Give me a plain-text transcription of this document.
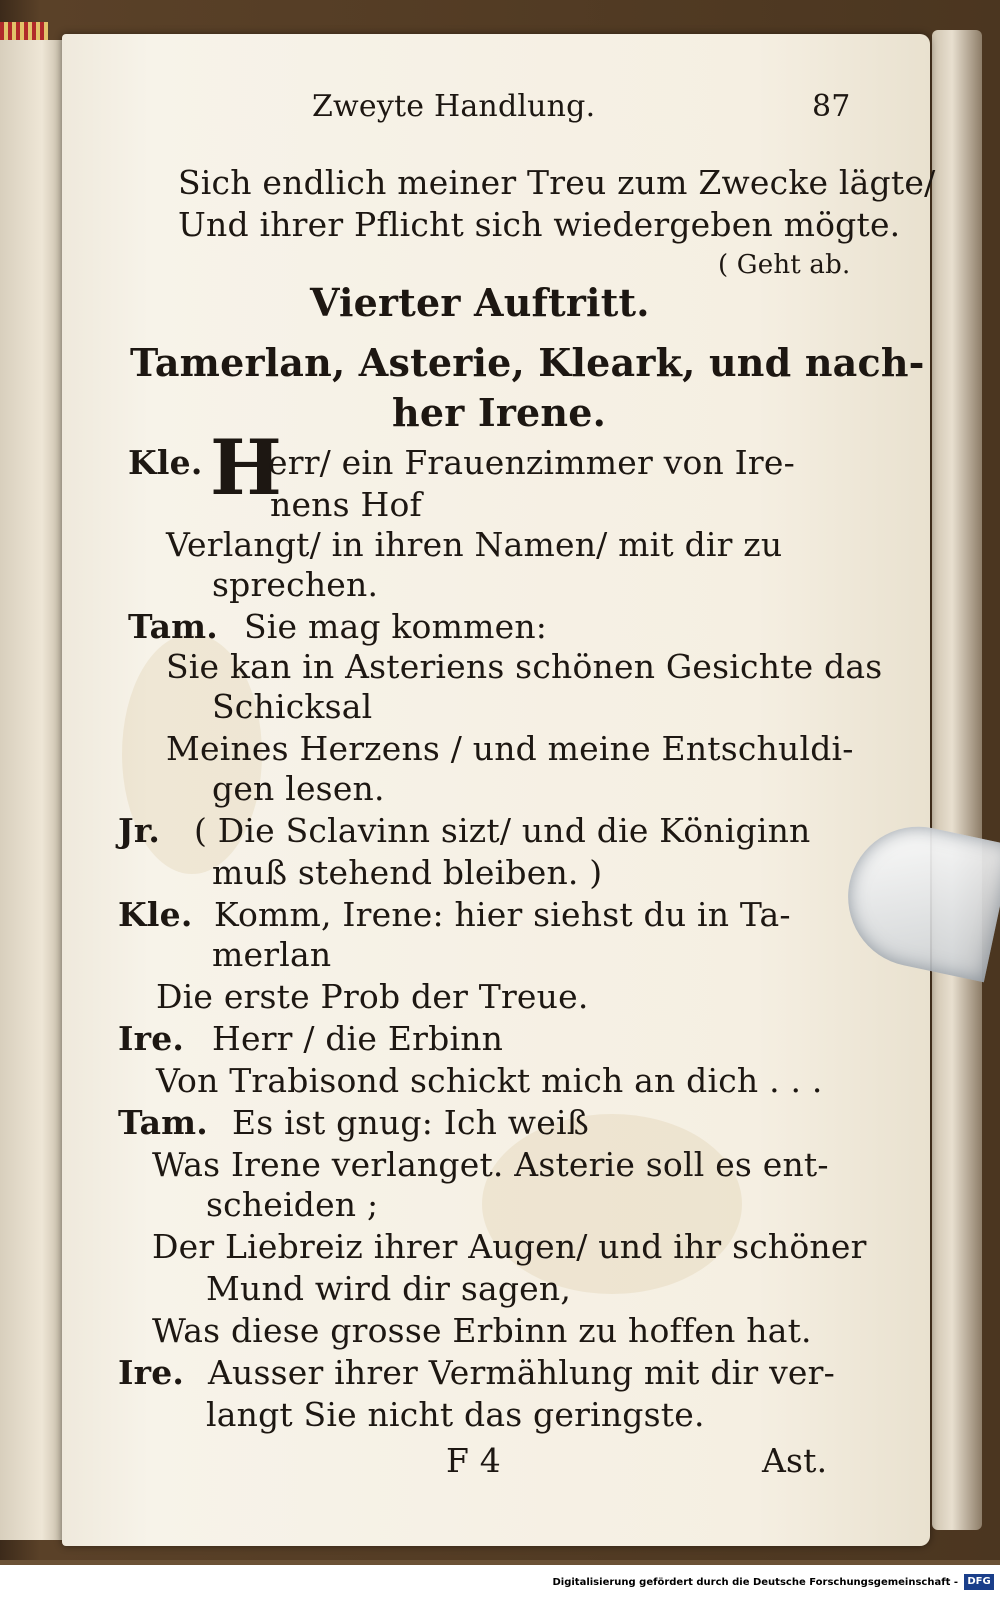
Zweyte Handlung.	87
Sich endlich meiner Treu zum Zwecke lägte/
Und ihrer Pflicht sich wiedergeben mögte.
( Geht ab.
Vierter Auftritt.
Tamerlan, Asterie, Kleark, und nach-
her Irene.
Kle. H
err/ ein Frauenzimmer von Ire-
nens Hof
Verlangt/ in ihren Namen/ mit dir zu
sprechen.
Tam. Sie mag kommen:
Sie kan in Asteriens schönen Gesichte das
Schicksal
Meines Herzens / und meine Entschuldi-
gen lesen.
Jr. ( Die Sclavinn sizt/ und die Königinn
muß stehend bleiben. )
Kle. Komm, Irene: hier siehst du in Ta-
merlan
Die erste Prob der Treue.
Ire. Herr / die Erbinn
Von Trabisond schickt mich an dich . . .
Tam. Es ist gnug: Ich weiß
Was Irene verlanget. Asterie soll es ent-
scheiden ;
Der Liebreiz ihrer Augen/ und ihr schöner
Mund wird dir sagen,
Was diese grosse Erbinn zu hoffen hat.
Ire. Ausser ihrer Vermählung mit dir ver-
langt Sie nicht das geringste.
F 4	Ast.
Digitalisierung gefördert durch die Deutsche Forschungsgemeinschaft - DFG
